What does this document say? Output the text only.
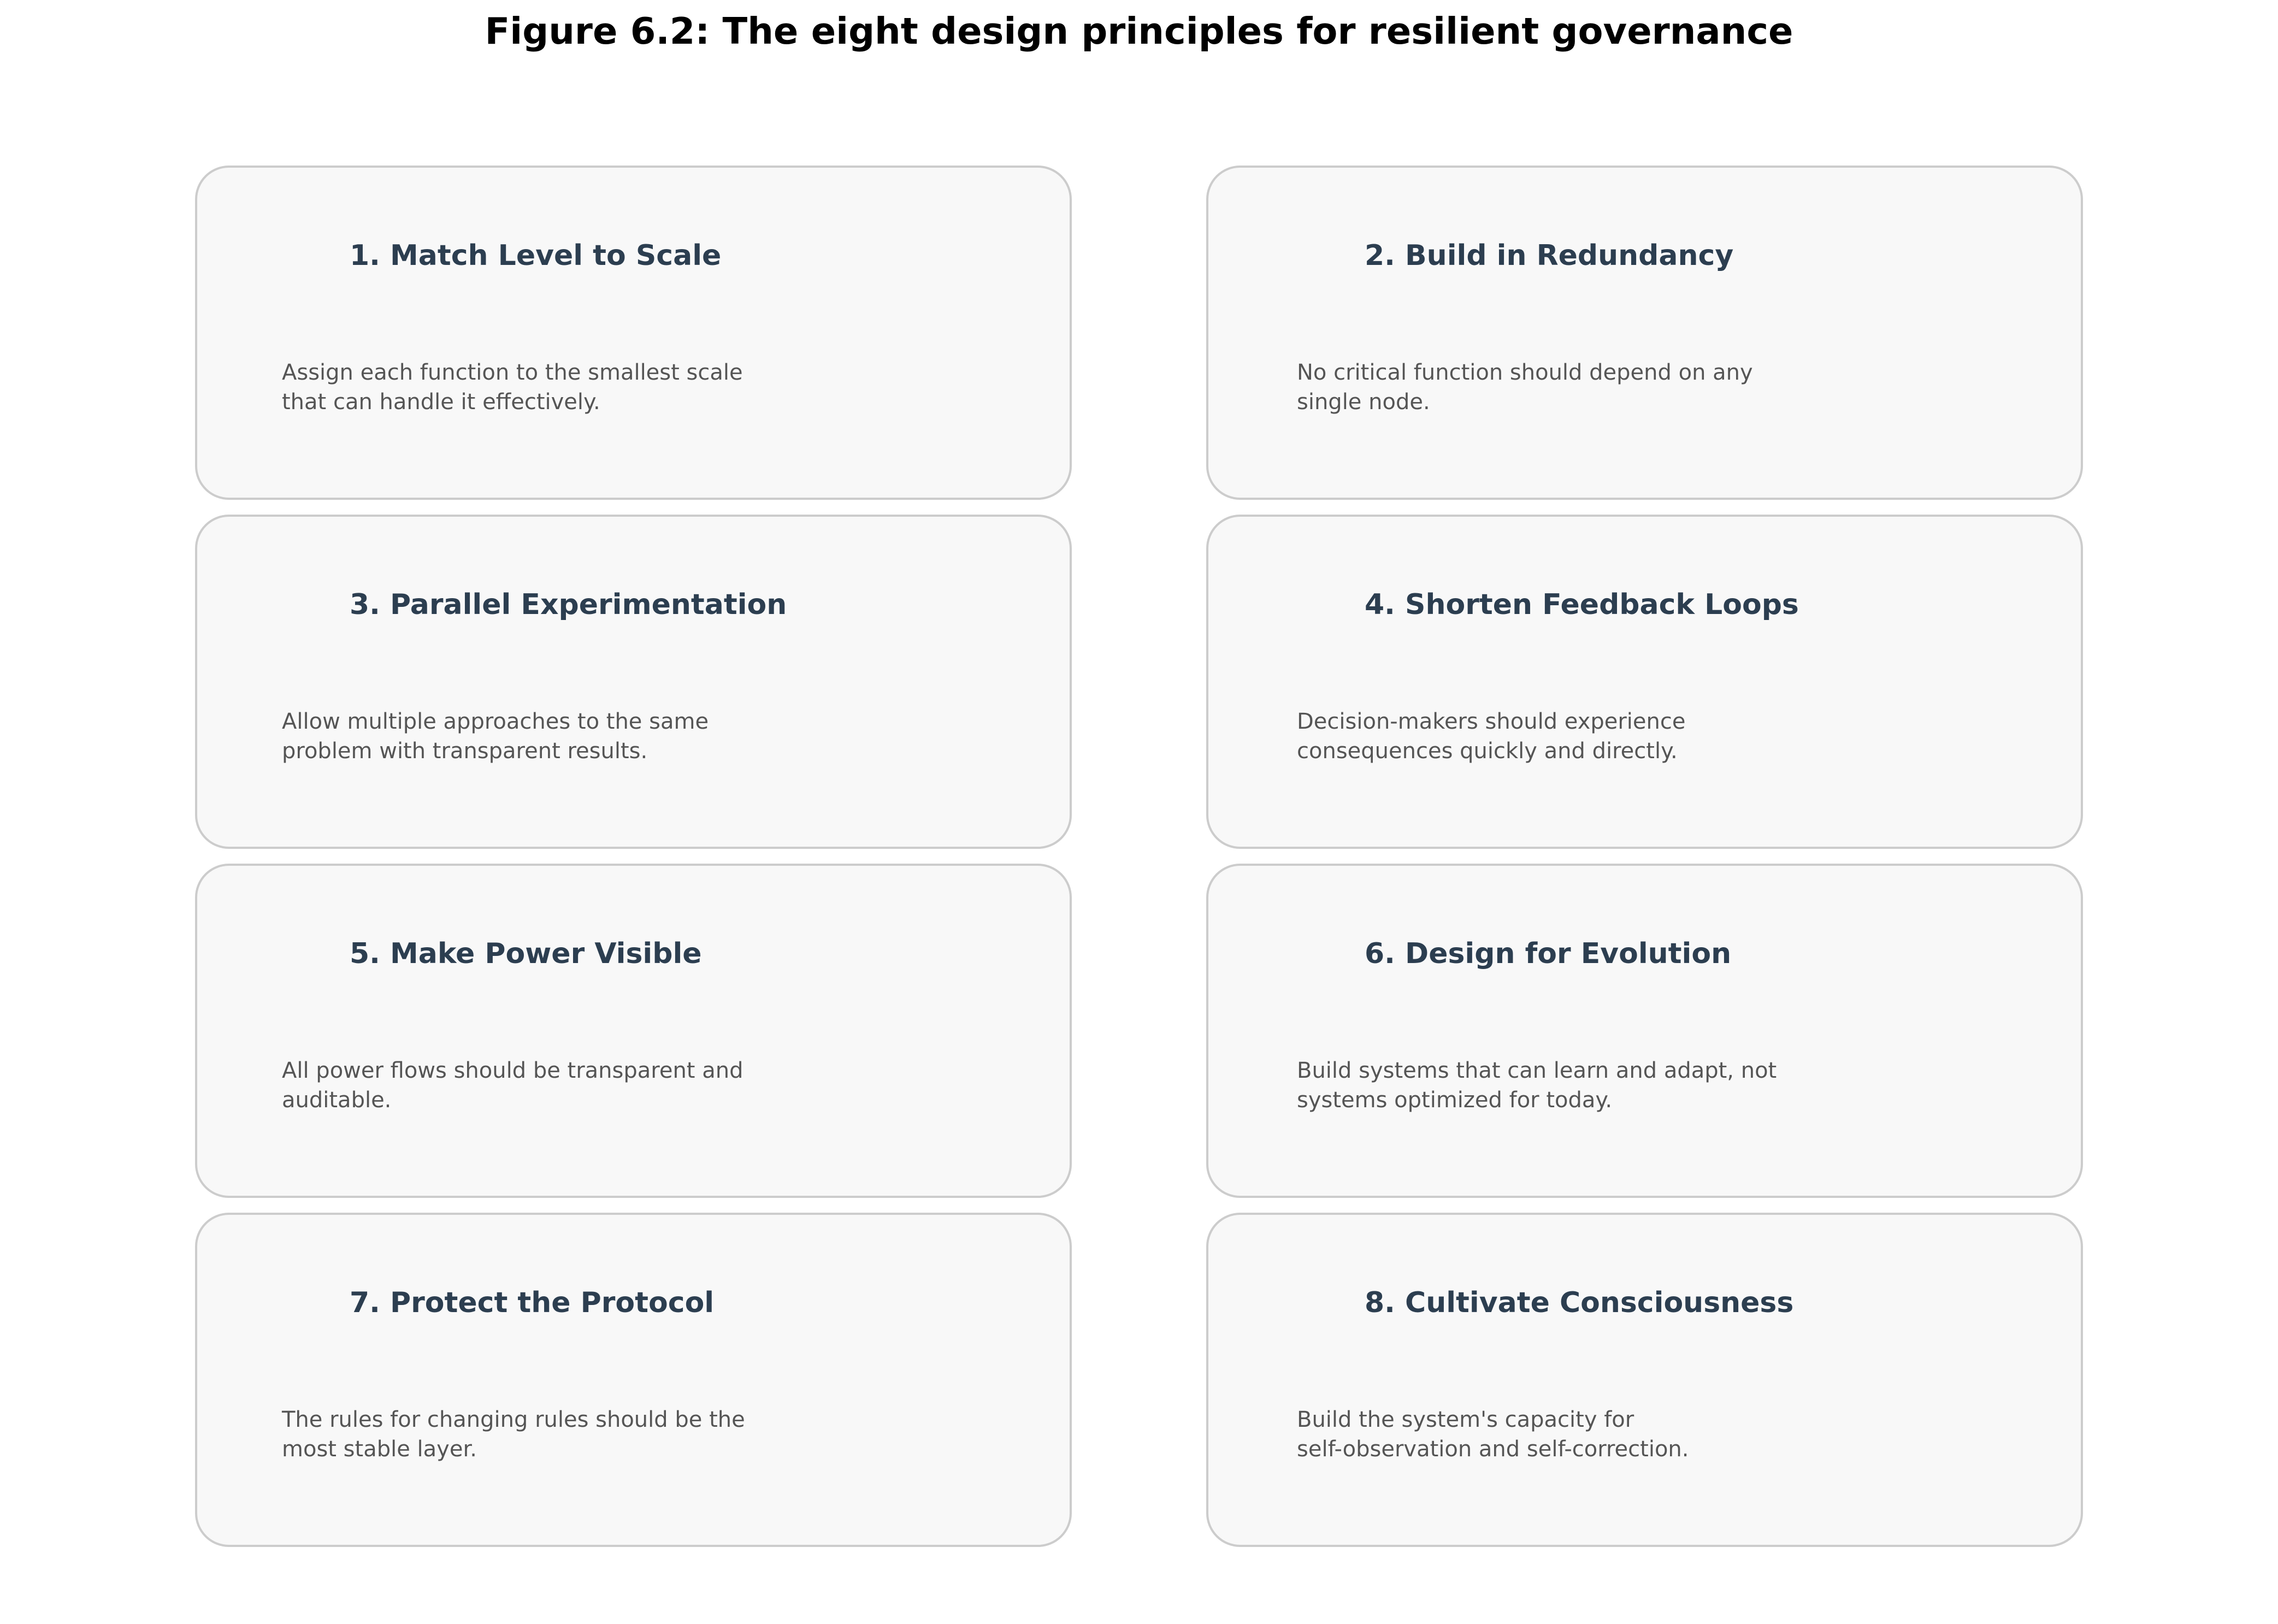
Figure 6.2: The eight design principles for resilient governance
1. Match Level to Scale
Assign each function to the smallest scale
that can handle it effectively.
2. Build in Redundancy
No critical function should depend on any
single node.
3. Parallel Experimentation
Allow multiple approaches to the same
problem with transparent results.
4. Shorten Feedback Loops
Decision-makers should experience
consequences quickly and directly.
5. Make Power Visible
All power flows should be transparent and
auditable.
6. Design for Evolution
Build systems that can learn and adapt, not
systems optimized for today.
7. Protect the Protocol
The rules for changing rules should be the
most stable layer.
8. Cultivate Consciousness
Build the system's capacity for
self-observation and self-correction.
